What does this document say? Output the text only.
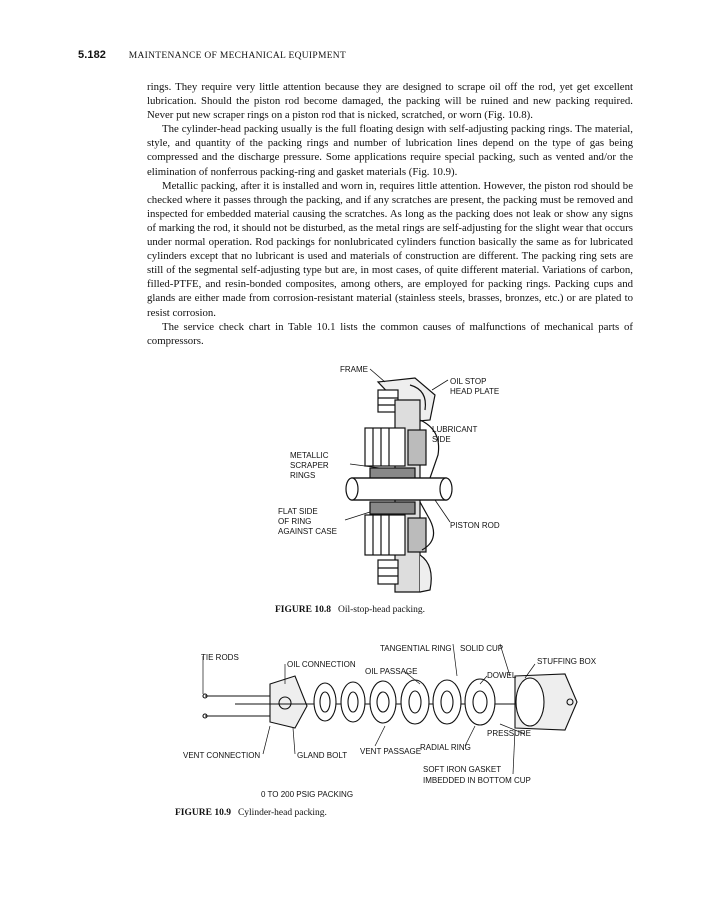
5.182 MAINTENANCE OF MECHANICAL EQUIPMENT

rings. They require very little attention because they are designed to scrape oil off the rod, yet get excellent lubrication. Should the piston rod become damaged, the packing will be ruined and new packing required. Never put new scraper rings on a piston rod that is nicked, scratched, or worn (Fig. 10.8).

The cylinder-head packing usually is the full floating design with self-adjusting packing rings. The material, style, and quantity of the packing rings and number of lubrication lines depend on the type of gas being compressed and the discharge pressure. Some applications require special packing, such as vented and/or the elimination of nonferrous packing-ring and gasket materials (Fig. 10.9).

Metallic packing, after it is installed and worn in, requires little attention. However, the piston rod should be checked where it passes through the packing, and if any scratches are present, the packing must be removed and inspected for embedded material causing the scratches. As long as the packing does not leak or show any signs of marking the rod, it should not be disturbed, as the metal rings are self-adjusting for the slight wear that occurs under normal operation. Rod packings for nonlubricated cylinders function basically the same as for lubricated cylinders except that no lubricant is used and materials of construction are different. The packing ring sets are still of the segmental self-adjusting type but are, in most cases, of quite different material. Variations of carbon, filled-PTFE, and resin-bonded composites, among others, are employed for packing rings. Packing cups and glands are either made from corrosion-resistant material (stainless steels, brasses, bronzes, etc.) or are plated to resist corrosion.

The service check chart in Table 10.1 lists the common causes of malfunctions of mechanical parts of compressors.

FRAME
OIL STOP
HEAD PLATE
LUBRICANT
SIDE
METALLIC
SCRAPER
RINGS
FLAT SIDE
OF RING
AGAINST CASE
PISTON ROD
FIGURE 10.8 Oil-stop-head packing.
TIE RODS
OIL CONNECTION
TANGENTIAL RING SOLID CUP
STUFFING BOX
OIL PASSAGE	DOWEL
PRESSURE
VENT CONNECTION	GLAND BOLT VENT PASSAGE
RADIAL RING
SOFT IRON GASKET
IMBEDDED IN BOTTOM CUP
0 TO 200 PSIG PACKING
FIGURE 10.9 Cylinder-head packing.
